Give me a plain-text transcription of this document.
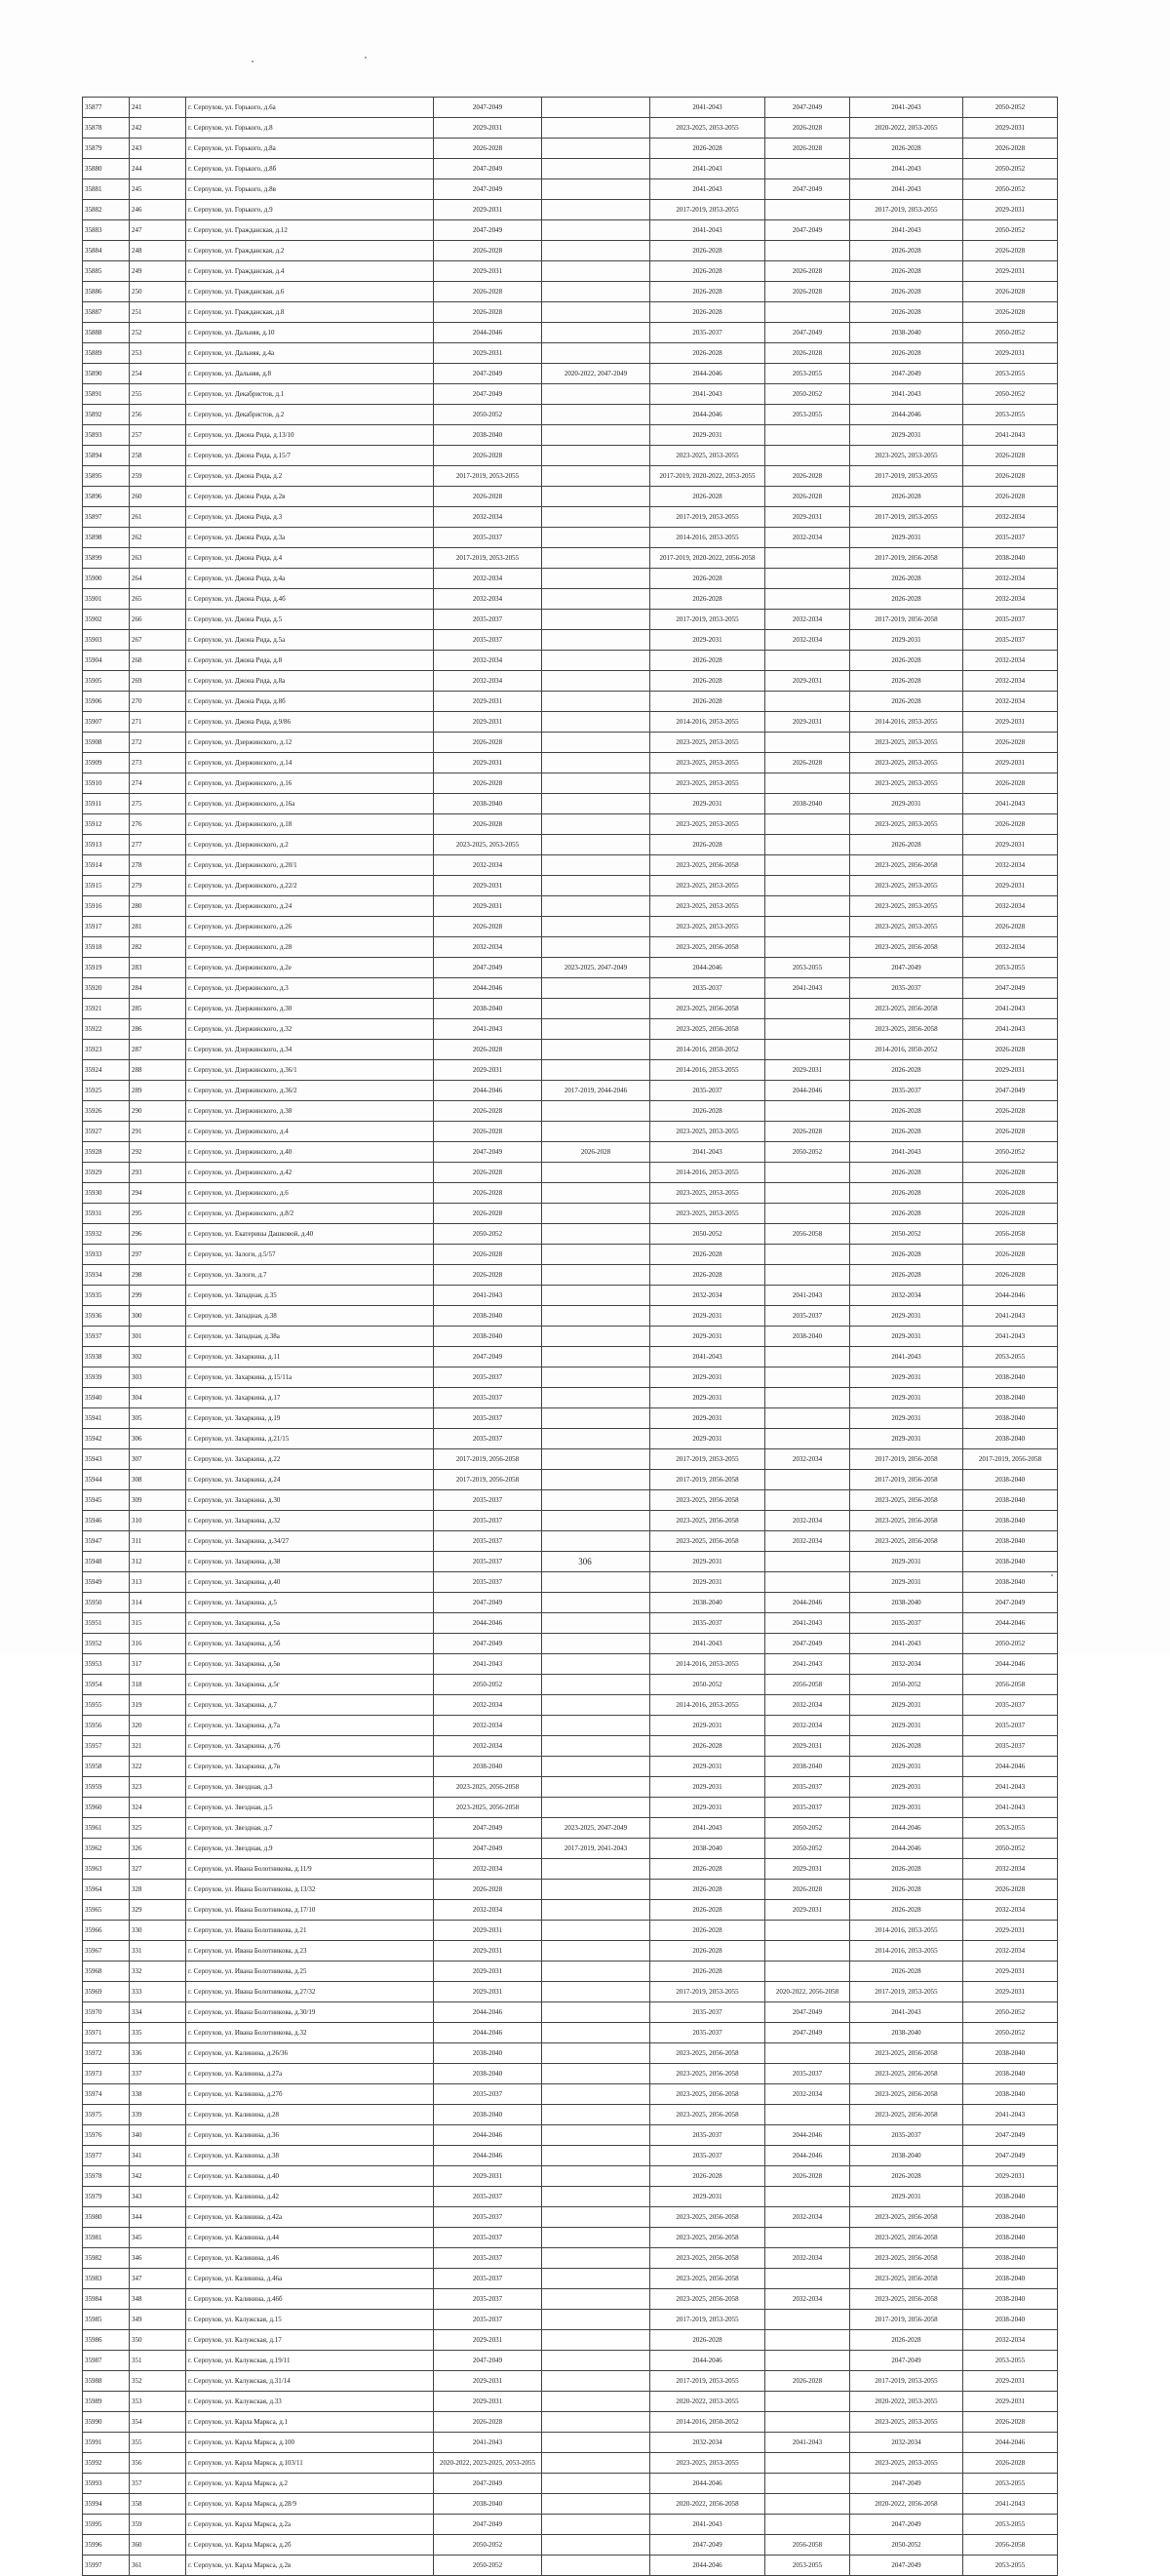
35877	241	г. Серпухов, ул. Горького, д.6а	2047-2049		2041-2043	2047-2049	2041-2043	2050-2052
35878	242	г. Серпухов, ул. Горького, д.8	2029-2031		2023-2025, 2053-2055	2026-2028	2020-2022, 2053-2055	2029-2031
35879	243	г. Серпухов, ул. Горького, д.8а	2026-2028		2026-2028	2026-2028	2026-2028	2026-2028
35880	244	г. Серпухов, ул. Горького, д.8б	2047-2049		2041-2043		2041-2043	2050-2052
35881	245	г. Серпухов, ул. Горького, д.8в	2047-2049		2041-2043	2047-2049	2041-2043	2050-2052
35882	246	г. Серпухов, ул. Горького, д.9	2029-2031		2017-2019, 2053-2055		2017-2019, 2053-2055	2029-2031
35883	247	г. Серпухов, ул. Гражданская, д.12	2047-2049		2041-2043	2047-2049	2041-2043	2050-2052
35884	248	г. Серпухов, ул. Гражданская, д.2	2026-2028		2026-2028		2026-2028	2026-2028
35885	249	г. Серпухов, ул. Гражданская, д.4	2029-2031		2026-2028	2026-2028	2026-2028	2029-2031
35886	250	г. Серпухов, ул. Гражданская, д.6	2026-2028		2026-2028	2026-2028	2026-2028	2026-2028
35887	251	г. Серпухов, ул. Гражданская, д.8	2026-2028		2026-2028		2026-2028	2026-2028
35888	252	г. Серпухов, ул. Дальняя, д.10	2044-2046		2035-2037	2047-2049	2038-2040	2050-2052
35889	253	г. Серпухов, ул. Дальняя, д.4а	2029-2031		2026-2028	2026-2028	2026-2028	2029-2031
35890	254	г. Серпухов, ул. Дальняя, д.8	2047-2049	2020-2022, 2047-2049	2044-2046	2053-2055	2047-2049	2053-2055
35891	255	г. Серпухов, ул. Декабристов, д.1	2047-2049		2041-2043	2050-2052	2041-2043	2050-2052
35892	256	г. Серпухов, ул. Декабристов, д.2	2050-2052		2044-2046	2053-2055	2044-2046	2053-2055
35893	257	г. Серпухов, ул. Джона Рида, д.13/10	2038-2040		2029-2031		2029-2031	2041-2043
35894	258	г. Серпухов, ул. Джона Рида, д.15/7	2026-2028		2023-2025, 2053-2055		2023-2025, 2053-2055	2026-2028
35895	259	г. Серпухов, ул. Джона Рида, д.2	2017-2019, 2053-2055		2017-2019, 2020-2022, 2053-2055	2026-2028	2017-2019, 2053-2055	2026-2028
35896	260	г. Серпухов, ул. Джона Рида, д.2в	2026-2028		2026-2028	2026-2028	2026-2028	2026-2028
35897	261	г. Серпухов, ул. Джона Рида, д.3	2032-2034		2017-2019, 2053-2055	2029-2031	2017-2019, 2053-2055	2032-2034
35898	262	г. Серпухов, ул. Джона Рида, д.3а	2035-2037		2014-2016, 2053-2055	2032-2034	2029-2031	2035-2037
35899	263	г. Серпухов, ул. Джона Рида, д.4	2017-2019, 2053-2055		2017-2019, 2020-2022, 2056-2058		2017-2019, 2056-2058	2038-2040
35900	264	г. Серпухов, ул. Джона Рида, д.4а	2032-2034		2026-2028		2026-2028	2032-2034
35901	265	г. Серпухов, ул. Джона Рида, д.4б	2032-2034		2026-2028		2026-2028	2032-2034
35902	266	г. Серпухов, ул. Джона Рида, д.5	2035-2037		2017-2019, 2053-2055	2032-2034	2017-2019, 2056-2058	2035-2037
35903	267	г. Серпухов, ул. Джона Рида, д.5а	2035-2037		2029-2031	2032-2034	2029-2031	2035-2037
35904	268	г. Серпухов, ул. Джона Рида, д.8	2032-2034		2026-2028		2026-2028	2032-2034
35905	269	г. Серпухов, ул. Джона Рида, д.8а	2032-2034		2026-2028	2029-2031	2026-2028	2032-2034
35906	270	г. Серпухов, ул. Джона Рида, д.8б	2029-2031		2026-2028		2026-2028	2032-2034
35907	271	г. Серпухов, ул. Джона Рида, д.9/86	2029-2031		2014-2016, 2053-2055	2029-2031	2014-2016, 2053-2055	2029-2031
35908	272	г. Серпухов, ул. Дзержинского, д.12	2026-2028		2023-2025, 2053-2055		2023-2025, 2053-2055	2026-2028
35909	273	г. Серпухов, ул. Дзержинского, д.14	2029-2031		2023-2025, 2053-2055	2026-2028	2023-2025, 2053-2055	2029-2031
35910	274	г. Серпухов, ул. Дзержинского, д.16	2026-2028		2023-2025, 2053-2055		2023-2025, 2053-2055	2026-2028
35911	275	г. Серпухов, ул. Дзержинского, д.16а	2038-2040		2029-2031	2038-2040	2029-2031	2041-2043
35912	276	г. Серпухов, ул. Дзержинского, д.18	2026-2028		2023-2025, 2053-2055		2023-2025, 2053-2055	2026-2028
35913	277	г. Серпухов, ул. Дзержинского, д.2	2023-2025, 2053-2055		2026-2028		2026-2028	2029-2031
35914	278	г. Серпухов, ул. Дзержинского, д.20/1	2032-2034		2023-2025, 2056-2058		2023-2025, 2056-2058	2032-2034
35915	279	г. Серпухов, ул. Дзержинского, д.22/2	2029-2031		2023-2025, 2053-2055		2023-2025, 2053-2055	2029-2031
35916	280	г. Серпухов, ул. Дзержинского, д.24	2029-2031		2023-2025, 2053-2055		2023-2025, 2053-2055	2032-2034
35917	281	г. Серпухов, ул. Дзержинского, д.26	2026-2028		2023-2025, 2053-2055		2023-2025, 2053-2055	2026-2028
35918	282	г. Серпухов, ул. Дзержинского, д.28	2032-2034		2023-2025, 2056-2058		2023-2025, 2056-2058	2032-2034
35919	283	г. Серпухов, ул. Дзержинского, д.2е	2047-2049	2023-2025, 2047-2049	2044-2046	2053-2055	2047-2049	2053-2055
35920	284	г. Серпухов, ул. Дзержинского, д.3	2044-2046		2035-2037	2041-2043	2035-2037	2047-2049
35921	285	г. Серпухов, ул. Дзержинского, д.30	2038-2040		2023-2025, 2056-2058		2023-2025, 2056-2058	2041-2043
35922	286	г. Серпухов, ул. Дзержинского, д.32	2041-2043		2023-2025, 2056-2058		2023-2025, 2056-2058	2041-2043
35923	287	г. Серпухов, ул. Дзержинского, д.34	2026-2028		2014-2016, 2050-2052		2014-2016, 2050-2052	2026-2028
35924	288	г. Серпухов, ул. Дзержинского, д.36/1	2029-2031		2014-2016, 2053-2055	2029-2031	2026-2028	2029-2031
35925	289	г. Серпухов, ул. Дзержинского, д.36/2	2044-2046	2017-2019, 2044-2046	2035-2037	2044-2046	2035-2037	2047-2049
35926	290	г. Серпухов, ул. Дзержинского, д.38	2026-2028		2026-2028		2026-2028	2026-2028
35927	291	г. Серпухов, ул. Дзержинского, д.4	2026-2028		2023-2025, 2053-2055	2026-2028	2026-2028	2026-2028
35928	292	г. Серпухов, ул. Дзержинского, д.40	2047-2049	2026-2028	2041-2043	2050-2052	2041-2043	2050-2052
35929	293	г. Серпухов, ул. Дзержинского, д.42	2026-2028		2014-2016, 2053-2055		2026-2028	2026-2028
35930	294	г. Серпухов, ул. Дзержинского, д.6	2026-2028		2023-2025, 2053-2055		2026-2028	2026-2028
35931	295	г. Серпухов, ул. Дзержинского, д.8/2	2026-2028		2023-2025, 2053-2055		2026-2028	2026-2028
35932	296	г. Серпухов, ул. Екатерины Дашковой, д.40	2050-2052		2050-2052	2056-2058	2050-2052	2056-2058
35933	297	г. Серпухов, ул. Залоги, д.5/57	2026-2028		2026-2028		2026-2028	2026-2028
35934	298	г. Серпухов, ул. Залоги, д.7	2026-2028		2026-2028		2026-2028	2026-2028
35935	299	г. Серпухов, ул. Западная, д.35	2041-2043		2032-2034	2041-2043	2032-2034	2044-2046
35936	300	г. Серпухов, ул. Западная, д.38	2038-2040		2029-2031	2035-2037	2029-2031	2041-2043
35937	301	г. Серпухов, ул. Западная, д.38а	2038-2040		2029-2031	2038-2040	2029-2031	2041-2043
35938	302	г. Серпухов, ул. Захаркина, д.11	2047-2049		2041-2043		2041-2043	2053-2055
35939	303	г. Серпухов, ул. Захаркина, д.15/11а	2035-2037		2029-2031		2029-2031	2038-2040
35940	304	г. Серпухов, ул. Захаркина, д.17	2035-2037		2029-2031		2029-2031	2038-2040
35941	305	г. Серпухов, ул. Захаркина, д.19	2035-2037		2029-2031		2029-2031	2038-2040
35942	306	г. Серпухов, ул. Захаркина, д.21/15	2035-2037		2029-2031		2029-2031	2038-2040
35943	307	г. Серпухов, ул. Захаркина, д.22	2017-2019, 2056-2058		2017-2019, 2053-2055	2032-2034	2017-2019, 2056-2058	2017-2019, 2056-2058
35944	308	г. Серпухов, ул. Захаркина, д.24	2017-2019, 2056-2058		2017-2019, 2056-2058		2017-2019, 2056-2058	2038-2040
35945	309	г. Серпухов, ул. Захаркина, д.30	2035-2037		2023-2025, 2056-2058		2023-2025, 2056-2058	2038-2040
35946	310	г. Серпухов, ул. Захаркина, д.32	2035-2037		2023-2025, 2056-2058	2032-2034	2023-2025, 2056-2058	2038-2040
35947	311	г. Серпухов, ул. Захаркина, д.34/27	2035-2037		2023-2025, 2056-2058	2032-2034	2023-2025, 2056-2058	2038-2040
35948	312	г. Серпухов, ул. Захаркина, д.38	2035-2037		2029-2031		2029-2031	2038-2040
35949	313	г. Серпухов, ул. Захаркина, д.40	2035-2037		2029-2031		2029-2031	2038-2040
35950	314	г. Серпухов, ул. Захаркина, д.5	2047-2049		2038-2040	2044-2046	2038-2040	2047-2049
35951	315	г. Серпухов, ул. Захаркина, д.5а	2044-2046		2035-2037	2041-2043	2035-2037	2044-2046
35952	316	г. Серпухов, ул. Захаркина, д.5б	2047-2049		2041-2043	2047-2049	2041-2043	2050-2052
35953	317	г. Серпухов, ул. Захаркина, д.5в	2041-2043		2014-2016, 2053-2055	2041-2043	2032-2034	2044-2046
35954	318	г. Серпухов, ул. Захаркина, д.5г	2050-2052		2050-2052	2056-2058	2050-2052	2056-2058
35955	319	г. Серпухов, ул. Захаркина, д.7	2032-2034		2014-2016, 2053-2055	2032-2034	2029-2031	2035-2037
35956	320	г. Серпухов, ул. Захаркина, д.7а	2032-2034		2029-2031	2032-2034	2029-2031	2035-2037
35957	321	г. Серпухов, ул. Захаркина, д.7б	2032-2034		2026-2028	2029-2031	2026-2028	2035-2037
35958	322	г. Серпухов, ул. Захаркина, д.7в	2038-2040		2029-2031	2038-2040	2029-2031	2044-2046
35959	323	г. Серпухов, ул. Звездная, д.3	2023-2025, 2056-2058		2029-2031	2035-2037	2029-2031	2041-2043
35960	324	г. Серпухов, ул. Звездная, д.5	2023-2025, 2056-2058		2029-2031	2035-2037	2029-2031	2041-2043
35961	325	г. Серпухов, ул. Звездная, д.7	2047-2049	2023-2025, 2047-2049	2041-2043	2050-2052	2044-2046	2053-2055
35962	326	г. Серпухов, ул. Звездная, д.9	2047-2049	2017-2019, 2041-2043	2038-2040	2050-2052	2044-2046	2050-2052
35963	327	г. Серпухов, ул. Ивана Болотникова, д.11/9	2032-2034		2026-2028	2029-2031	2026-2028	2032-2034
35964	328	г. Серпухов, ул. Ивана Болотникова, д.13/32	2026-2028		2026-2028	2026-2028	2026-2028	2026-2028
35965	329	г. Серпухов, ул. Ивана Болотникова, д.17/10	2032-2034		2026-2028	2029-2031	2026-2028	2032-2034
35966	330	г. Серпухов, ул. Ивана Болотникова, д.21	2029-2031		2026-2028		2014-2016, 2053-2055	2029-2031
35967	331	г. Серпухов, ул. Ивана Болотникова, д.23	2029-2031		2026-2028		2014-2016, 2053-2055	2032-2034
35968	332	г. Серпухов, ул. Ивана Болотникова, д.25	2029-2031		2026-2028		2026-2028	2029-2031
35969	333	г. Серпухов, ул. Ивана Болотникова, д.27/32	2029-2031		2017-2019, 2053-2055	2020-2022, 2056-2058	2017-2019, 2053-2055	2029-2031
35970	334	г. Серпухов, ул. Ивана Болотникова, д.30/19	2044-2046		2035-2037	2047-2049	2041-2043	2050-2052
35971	335	г. Серпухов, ул. Ивана Болотникова, д.32	2044-2046		2035-2037	2047-2049	2038-2040	2050-2052
35972	336	г. Серпухов, ул. Калинина, д.26/36	2038-2040		2023-2025, 2056-2058		2023-2025, 2056-2058	2038-2040
35973	337	г. Серпухов, ул. Калинина, д.27а	2038-2040		2023-2025, 2056-2058	2035-2037	2023-2025, 2056-2058	2038-2040
35974	338	г. Серпухов, ул. Калинина, д.27б	2035-2037		2023-2025, 2056-2058	2032-2034	2023-2025, 2056-2058	2038-2040
35975	339	г. Серпухов, ул. Калинина, д.28	2038-2040		2023-2025, 2056-2058		2023-2025, 2056-2058	2041-2043
35976	340	г. Серпухов, ул. Калинина, д.36	2044-2046		2035-2037	2044-2046	2035-2037	2047-2049
35977	341	г. Серпухов, ул. Калинина, д.38	2044-2046		2035-2037	2044-2046	2038-2040	2047-2049
35978	342	г. Серпухов, ул. Калинина, д.40	2029-2031		2026-2028	2026-2028	2026-2028	2029-2031
35979	343	г. Серпухов, ул. Калинина, д.42	2035-2037		2029-2031		2029-2031	2038-2040
35980	344	г. Серпухов, ул. Калинина, д.42а	2035-2037		2023-2025, 2056-2058	2032-2034	2023-2025, 2056-2058	2038-2040
35981	345	г. Серпухов, ул. Калинина, д.44	2035-2037		2023-2025, 2056-2058		2023-2025, 2056-2058	2038-2040
35982	346	г. Серпухов, ул. Калинина, д.46	2035-2037		2023-2025, 2056-2058	2032-2034	2023-2025, 2056-2058	2038-2040
35983	347	г. Серпухов, ул. Калинина, д.46а	2035-2037		2023-2025, 2056-2058		2023-2025, 2056-2058	2038-2040
35984	348	г. Серпухов, ул. Калинина, д.46б	2035-2037		2023-2025, 2056-2058	2032-2034	2023-2025, 2056-2058	2038-2040
35985	349	г. Серпухов, ул. Калужская, д.15	2035-2037		2017-2019, 2053-2055		2017-2019, 2056-2058	2038-2040
35986	350	г. Серпухов, ул. Калужская, д.17	2029-2031		2026-2028		2026-2028	2032-2034
35987	351	г. Серпухов, ул. Калужская, д.19/11	2047-2049		2044-2046		2047-2049	2053-2055
35988	352	г. Серпухов, ул. Калужская, д.31/14	2029-2031		2017-2019, 2053-2055	2026-2028	2017-2019, 2053-2055	2029-2031
35989	353	г. Серпухов, ул. Калужская, д.33	2029-2031		2020-2022, 2053-2055		2020-2022, 2053-2055	2029-2031
35990	354	г. Серпухов, ул. Карла Маркса, д.1	2026-2028		2014-2016, 2050-2052		2023-2025, 2053-2055	2026-2028
35991	355	г. Серпухов, ул. Карла Маркса, д.100	2041-2043		2032-2034	2041-2043	2032-2034	2044-2046
35992	356	г. Серпухов, ул. Карла Маркса, д.103/11	2020-2022, 2023-2025, 2053-2055		2023-2025, 2053-2055		2023-2025, 2053-2055	2026-2028
35993	357	г. Серпухов, ул. Карла Маркса, д.2	2047-2049		2044-2046		2047-2049	2053-2055
35994	358	г. Серпухов, ул. Карла Маркса, д.28/9	2038-2040		2020-2022, 2056-2058		2020-2022, 2056-2058	2041-2043
35995	359	г. Серпухов, ул. Карла Маркса, д.2а	2047-2049		2041-2043		2047-2049	2053-2055
35996	360	г. Серпухов, ул. Карла Маркса, д.2б	2050-2052		2047-2049	2056-2058	2050-2052	2056-2058
35997	361	г. Серпухов, ул. Карла Маркса, д.2в	2050-2052		2044-2046	2053-2055	2047-2049	2053-2055
306
